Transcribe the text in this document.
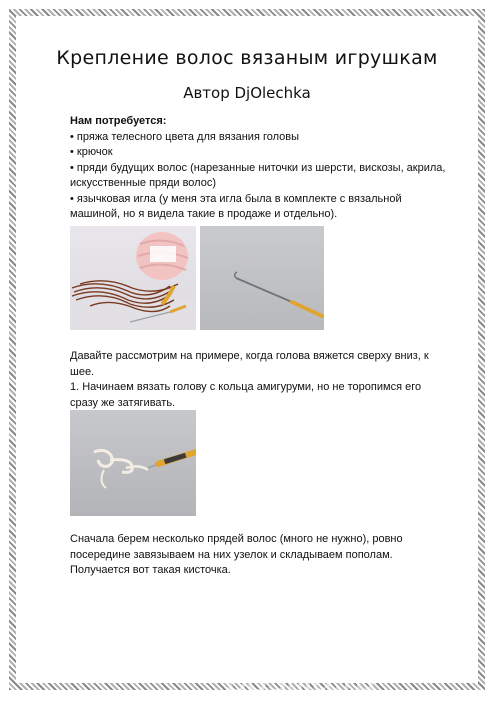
Крепление волос вязаным игрушкам
Автор DjOlechka

Нам потребуется:

• пряжа телесного цвета для вязания головы

• крючок

• пряди будущих волос (нарезанные ниточки из шерсти, вискозы, акрила, искусственные пряди волос)

• язычковая игла (у меня эта игла была в комплекте с вязальной машиной, но я видела такие в продаже и отдельно).

Давайте рассмотрим на примере, когда голова вяжется сверху вниз, к шее.

1. Начинаем вязать голову с кольца амигуруми, но не торопимся его сразу же затягивать.

Сначала берем несколько прядей волос (много не нужно), ровно посередине завязываем на них узелок и складываем пополам. Получается вот такая кисточка.

postila.ru
